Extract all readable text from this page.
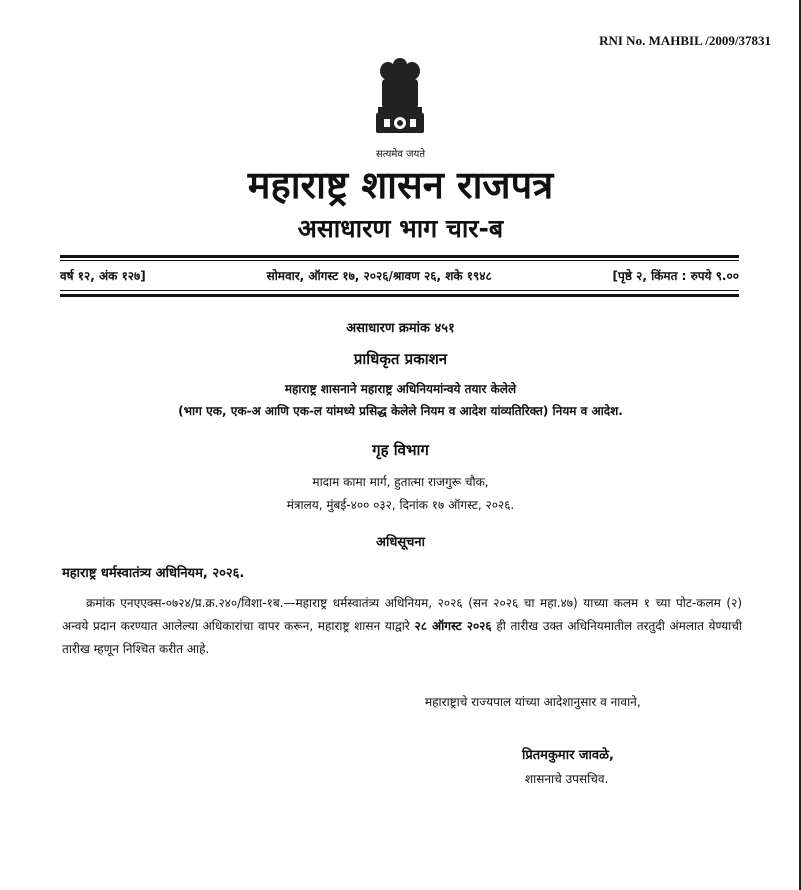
RNI No. MAHBIL /2009/37831
सत्यमेव जयते
महाराष्ट्र शासन राजपत्र
असाधारण भाग चार-ब
वर्ष १२, अंक १२७]	सोमवार, ऑगस्ट १७, २०२६/श्रावण २६, शके १९४८	[पृष्ठे २, किंमत : रुपये ९.००
असाधारण क्रमांक ४५१
प्राधिकृत प्रकाशन
महाराष्ट्र शासनाने महाराष्ट्र अधिनियमांन्वये तयार केलेले
(भाग एक, एक-अ आणि एक-ल यांमध्ये प्रसिद्ध केलेले नियम व आदेश यांव्यतिरिक्त) नियम व आदेश.
गृह विभाग
मादाम कामा मार्ग, हुतात्मा राजगुरू चौक,
मंत्रालय, मुंबई-४०० ०३२, दिनांक १७ ऑगस्ट, २०२६.
अधिसूचना
महाराष्ट्र धर्मस्वातंत्र्य अधिनियम, २०२६.

क्रमांक एनएएक्स-०७२४/प्र.क्र.२४०/विशा-१ब.—महाराष्ट्र धर्मस्वातंत्र्य अधिनियम, २०२६ (सन २०२६ चा महा.४७) याच्या कलम १ च्या पोट-कलम (२) अन्वये प्रदान करण्यात आलेल्या अधिकारांचा वापर करून, महाराष्ट्र शासन याद्वारे २८ ऑगस्ट २०२६ ही तारीख उक्त अधिनियमातील तरतुदी अंमलात येण्याची तारीख म्हणून निश्चित करीत आहे.

महाराष्ट्राचे राज्यपाल यांच्या आदेशानुसार व नावाने,
प्रितमकुमार जावळे,
शासनाचे उपसचिव.
